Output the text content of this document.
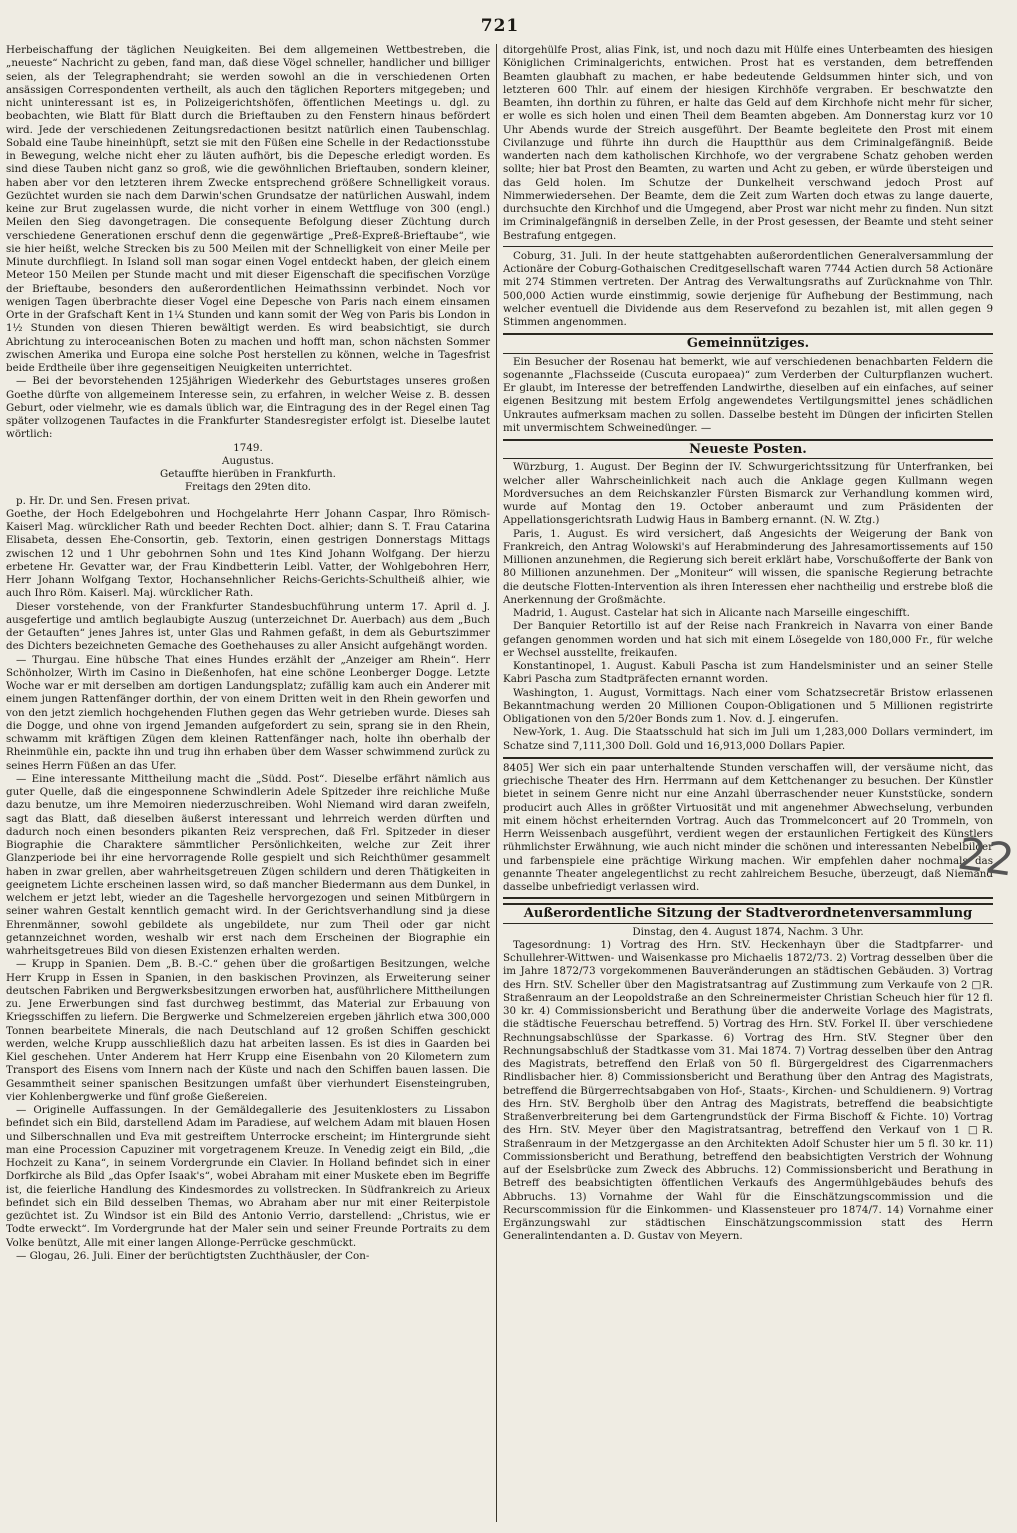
721

Herbeischaffung der täglichen Neuigkeiten. Bei dem allgemeinen Wettbestreben, die „neueste“ Nachricht zu geben, fand man, daß diese Vögel schneller, handlicher und billiger seien, als der Telegraphendraht; sie werden sowohl an die in verschiedenen Orten ansässigen Correspondenten vertheilt, als auch den täglichen Reporters mitgegeben; und nicht uninteressant ist es, in Polizeigerichtshöfen, öffentlichen Meetings u. dgl. zu beobachten, wie Blatt für Blatt durch die Brieftauben zu den Fenstern hinaus befördert wird. Jede der verschiedenen Zeitungsredactionen besitzt natürlich einen Taubenschlag. Sobald eine Taube hineinhüpft, setzt sie mit den Füßen eine Schelle in der Redactionsstube in Bewegung, welche nicht eher zu läuten aufhört, bis die Depesche erledigt worden. Es sind diese Tauben nicht ganz so groß, wie die gewöhnlichen Brieftauben, sondern kleiner, haben aber vor den letzteren ihrem Zwecke entsprechend größere Schnelligkeit voraus. Gezüchtet wurden sie nach dem Darwin'schen Grundsatze der natürlichen Auswahl, indem keine zur Brut zugelassen wurde, die nicht vorher in einem Wettfluge von 300 (engl.) Meilen den Sieg davongetragen. Die consequente Befolgung dieser Züchtung durch verschiedene Generationen erschuf denn die gegenwärtige „Preß-Expreß-Brieftaube“, wie sie hier heißt, welche Strecken bis zu 500 Meilen mit der Schnelligkeit von einer Meile per Minute durchfliegt. In Island soll man sogar einen Vogel entdeckt haben, der gleich einem Meteor 150 Meilen per Stunde macht und mit dieser Eigenschaft die specifischen Vorzüge der Brieftaube, besonders den außerordentlichen Heimathssinn verbindet. Noch vor wenigen Tagen überbrachte dieser Vogel eine Depesche von Paris nach einem einsamen Orte in der Grafschaft Kent in 1¼ Stunden und kann somit der Weg von Paris bis London in 1½ Stunden von diesen Thieren bewältigt werden. Es wird beabsichtigt, sie durch Abrichtung zu interoceanischen Boten zu machen und hofft man, schon nächsten Sommer zwischen Amerika und Europa eine solche Post herstellen zu können, welche in Tagesfrist beide Erdtheile über ihre gegenseitigen Neuigkeiten unterrichtet.

— Bei der bevorstehenden 125jährigen Wiederkehr des Geburtstages unseres großen Goethe dürfte von allgemeinem Interesse sein, zu erfahren, in welcher Weise z. B. dessen Geburt, oder vielmehr, wie es damals üblich war, die Eintragung des in der Regel einen Tag später vollzogenen Taufactes in die Frankfurter Standesregister erfolgt ist. Dieselbe lautet wörtlich:

1749.

Augustus.

Getauffte hierüben in Frankfurth.

Freitags den 29ten dito.

p. Hr. Dr. und Sen. Fresen privat.

Goethe, der Hoch Edelgebohren und Hochgelahrte Herr Johann Caspar, Ihro Römisch-Kaiserl Mag. würcklicher Rath und beeder Rechten Doct. alhier; dann S. T. Frau Catarina Elisabeta, dessen Ehe-Consortin, geb. Textorin, einen gestrigen Donnerstags Mittags zwischen 12 und 1 Uhr gebohrnen Sohn und 1tes Kind Johann Wolfgang. Der hierzu erbetene Hr. Gevatter war, der Frau Kindbetterin Leibl. Vatter, der Wohlgebohren Herr, Herr Johann Wolfgang Textor, Hochansehnlicher Reichs-Gerichts-Schultheiß alhier, wie auch Ihro Röm. Kaiserl. Maj. würcklicher Rath.

Dieser vorstehende, von der Frankfurter Standesbuchführung unterm 17. April d. J. ausgefertige und amtlich beglaubigte Auszug (unterzeichnet Dr. Auerbach) aus dem „Buch der Getauften“ jenes Jahres ist, unter Glas und Rahmen gefaßt, in dem als Geburtszimmer des Dichters bezeichneten Gemache des Goethehauses zu aller Ansicht aufgehängt worden.

— Thurgau. Eine hübsche That eines Hundes erzählt der „Anzeiger am Rhein“. Herr Schönholzer, Wirth im Casino in Dießenhofen, hat eine schöne Leonberger Dogge. Letzte Woche war er mit derselben am dortigen Landungsplatz; zufällig kam auch ein Anderer mit einem jungen Rattenfänger dorthin, der von einem Dritten weit in den Rhein geworfen und von den jetzt ziemlich hochgehenden Fluthen gegen das Wehr getrieben wurde. Dieses sah die Dogge, und ohne von irgend Jemanden aufgefordert zu sein, sprang sie in den Rhein, schwamm mit kräftigen Zügen dem kleinen Rattenfänger nach, holte ihn oberhalb der Rheinmühle ein, packte ihn und trug ihn erhaben über dem Wasser schwimmend zurück zu seines Herrn Füßen an das Ufer.

— Eine interessante Mittheilung macht die „Südd. Post“. Dieselbe erfährt nämlich aus guter Quelle, daß die eingesponnene Schwindlerin Adele Spitzeder ihre reichliche Muße dazu benutze, um ihre Memoiren niederzuschreiben. Wohl Niemand wird daran zweifeln, sagt das Blatt, daß dieselben äußerst interessant und lehrreich werden dürften und dadurch noch einen besonders pikanten Reiz versprechen, daß Frl. Spitzeder in dieser Biographie die Charaktere sämmtlicher Persönlichkeiten, welche zur Zeit ihrer Glanzperiode bei ihr eine hervorragende Rolle gespielt und sich Reichthümer gesammelt haben in zwar grellen, aber wahrheitsgetreuen Zügen schildern und deren Thätigkeiten in geeignetem Lichte erscheinen lassen wird, so daß mancher Biedermann aus dem Dunkel, in welchem er jetzt lebt, wieder an die Tageshelle hervorgezogen und seinen Mitbürgern in seiner wahren Gestalt kenntlich gemacht wird. In der Gerichtsverhandlung sind ja diese Ehrenmänner, sowohl gebildete als ungebildete, nur zum Theil oder gar nicht getannzeichnet worden, weshalb wir erst nach dem Erscheinen der Biographie ein wahrheitsgetreues Bild von diesen Existenzen erhalten werden.

— Krupp in Spanien. Dem „B. B.-C.“ gehen über die großartigen Besitzungen, welche Herr Krupp in Essen in Spanien, in den baskischen Provinzen, als Erweiterung seiner deutschen Fabriken und Bergwerksbesitzungen erworben hat, ausführlichere Mittheilungen zu. Jene Erwerbungen sind fast durchweg bestimmt, das Material zur Erbauung von Kriegsschiffen zu liefern. Die Bergwerke und Schmelzereien ergeben jährlich etwa 300,000 Tonnen bearbeitete Minerals, die nach Deutschland auf 12 großen Schiffen geschickt werden, welche Krupp ausschließlich dazu hat arbeiten lassen. Es ist dies in Gaarden bei Kiel geschehen. Unter Anderem hat Herr Krupp eine Eisenbahn von 20 Kilometern zum Transport des Eisens vom Innern nach der Küste und nach den Schiffen bauen lassen. Die Gesammtheit seiner spanischen Besitzungen umfaßt über vierhundert Eisensteingruben, vier Kohlenbergwerke und fünf große Gießereien.

— Originelle Auffassungen. In der Gemäldegallerie des Jesuitenklosters zu Lissabon befindet sich ein Bild, darstellend Adam im Paradiese, auf welchem Adam mit blauen Hosen und Silberschnallen und Eva mit gestreiftem Unterrocke erscheint; im Hintergrunde sieht man eine Procession Capuziner mit vorgetragenem Kreuze. In Venedig zeigt ein Bild, „die Hochzeit zu Kana“, in seinem Vordergrunde ein Clavier. In Holland befindet sich in einer Dorfkirche als Bild „das Opfer Isaak's“, wobei Abraham mit einer Muskete eben im Begriffe ist, die feierliche Handlung des Kindesmordes zu vollstrecken. In Südfrankreich zu Arieux befindet sich ein Bild desselben Themas, wo Abraham aber nur mit einer Reiterpistole gezüchtet ist. Zu Windsor ist ein Bild des Antonio Verrio, darstellend: „Christus, wie er Todte erweckt“. Im Vordergrunde hat der Maler sein und seiner Freunde Portraits zu dem Volke benützt, Alle mit einer langen Allonge-Perrücke geschmückt.

— Glogau, 26. Juli. Einer der berüchtigtsten Zuchthäusler, der Con-

ditorgehülfe Prost, alias Fink, ist, und noch dazu mit Hülfe eines Unterbeamten des hiesigen Königlichen Criminalgerichts, entwichen. Prost hat es verstanden, dem betreffenden Beamten glaubhaft zu machen, er habe bedeutende Geldsummen hinter sich, und von letzteren 600 Thlr. auf einem der hiesigen Kirchhöfe vergraben. Er beschwatzte den Beamten, ihn dorthin zu führen, er halte das Geld auf dem Kirchhofe nicht mehr für sicher, er wolle es sich holen und einen Theil dem Beamten abgeben. Am Donnerstag kurz vor 10 Uhr Abends wurde der Streich ausgeführt. Der Beamte begleitete den Prost mit einem Civilanzuge und führte ihn durch die Hauptthür aus dem Criminalgefängniß. Beide wanderten nach dem katholischen Kirchhofe, wo der vergrabene Schatz gehoben werden sollte; hier bat Prost den Beamten, zu warten und Acht zu geben, er würde übersteigen und das Geld holen. Im Schutze der Dunkelheit verschwand jedoch Prost auf Nimmerwiedersehen. Der Beamte, dem die Zeit zum Warten doch etwas zu lange dauerte, durchsuchte den Kirchhof und die Umgegend, aber Prost war nicht mehr zu finden. Nun sitzt im Criminalgefängniß in derselben Zelle, in der Prost gesessen, der Beamte und steht seiner Bestrafung entgegen.

Coburg, 31. Juli. In der heute stattgehabten außerordentlichen Generalversammlung der Actionäre der Coburg-Gothaischen Creditgesellschaft waren 7744 Actien durch 58 Actionäre mit 274 Stimmen vertreten. Der Antrag des Verwaltungsraths auf Zurücknahme von Thlr. 500,000 Actien wurde einstimmig, sowie derjenige für Aufhebung der Bestimmung, nach welcher eventuell die Dividende aus dem Reservefond zu bezahlen ist, mit allen gegen 9 Stimmen angenommen.

Gemeinnütziges.

Ein Besucher der Rosenau hat bemerkt, wie auf verschiedenen benachbarten Feldern die sogenannte „Flachsseide (Cuscuta europaea)“ zum Verderben der Culturpflanzen wuchert. Er glaubt, im Interesse der betreffenden Landwirthe, dieselben auf ein einfaches, auf seiner eigenen Besitzung mit bestem Erfolg angewendetes Vertilgungsmittel jenes schädlichen Unkrautes aufmerksam machen zu sollen. Dasselbe besteht im Düngen der inficirten Stellen mit unvermischtem Schweinedünger. —

Neueste Posten.

Würzburg, 1. August. Der Beginn der IV. Schwurgerichtssitzung für Unterfranken, bei welcher aller Wahrscheinlichkeit nach auch die Anklage gegen Kullmann wegen Mordversuches an dem Reichskanzler Fürsten Bismarck zur Verhandlung kommen wird, wurde auf Montag den 19. October anberaumt und zum Präsidenten der Appellationsgerichtsrath Ludwig Haus in Bamberg ernannt. (N. W. Ztg.)

Paris, 1. August. Es wird versichert, daß Angesichts der Weigerung der Bank von Frankreich, den Antrag Wolowski's auf Herabminderung des Jahresamortissements auf 150 Millionen anzunehmen, die Regierung sich bereit erklärt habe, Vorschußofferte der Bank von 80 Millionen anzunehmen. Der „Moniteur“ will wissen, die spanische Regierung betrachte die deutsche Flotten-Intervention als ihren Interessen eher nachtheilig und erstrebe bloß die Anerkennung der Großmächte.

Madrid, 1. August. Castelar hat sich in Alicante nach Marseille eingeschifft.

Der Banquier Retortillo ist auf der Reise nach Frankreich in Navarra von einer Bande gefangen genommen worden und hat sich mit einem Lösegelde von 180,000 Fr., für welche er Wechsel ausstellte, freikaufen.

Konstantinopel, 1. August. Kabuli Pascha ist zum Handelsminister und an seiner Stelle Kabri Pascha zum Stadtpräfecten ernannt worden.

Washington, 1. August, Vormittags. Nach einer vom Schatzsecretär Bristow erlassenen Bekanntmachung werden 20 Millionen Coupon-Obligationen und 5 Millionen registrirte Obligationen von den 5/20er Bonds zum 1. Nov. d. J. eingerufen.

New-York, 1. Aug. Die Staatsschuld hat sich im Juli um 1,283,000 Dollars vermindert, im Schatze sind 7,111,300 Doll. Gold und 16,913,000 Dollars Papier.

8405] Wer sich ein paar unterhaltende Stunden verschaffen will, der versäume nicht, das griechische Theater des Hrn. Herrmann auf dem Kettchenanger zu besuchen. Der Künstler bietet in seinem Genre nicht nur eine Anzahl überraschender neuer Kunststücke, sondern producirt auch Alles in größter Virtuosität und mit angenehmer Abwechselung, verbunden mit einem höchst erheiternden Vortrag. Auch das Trommelconcert auf 20 Trommeln, von Herrn Weissenbach ausgeführt, verdient wegen der erstaunlichen Fertigkeit des Künstlers rühmlichster Erwähnung, wie auch nicht minder die schönen und interessanten Nebelbilder und farbenspiele eine prächtige Wirkung machen. Wir empfehlen daher nochmals das genannte Theater angelegentlichst zu recht zahlreichem Besuche, überzeugt, daß Niemand dasselbe unbefriedigt verlassen wird.

Außerordentliche Sitzung der Stadtverordnetenversammlung

Dinstag, den 4. August 1874, Nachm. 3 Uhr.

Tagesordnung: 1) Vortrag des Hrn. StV. Heckenhayn über die Stadtpfarrer- und Schullehrer-Wittwen- und Waisenkasse pro Michaelis 1872/73. 2) Vortrag desselben über die im Jahre 1872/73 vorgekommenen Bauveränderungen an städtischen Gebäuden. 3) Vortrag des Hrn. StV. Scheller über den Magistratsantrag auf Zustimmung zum Verkaufe von 2 □R. Straßenraum an der Leopoldstraße an den Schreinermeister Christian Scheuch hier für 12 fl. 30 kr. 4) Commissionsbericht und Berathung über die anderweite Vorlage des Magistrats, die städtische Feuerschau betreffend. 5) Vortrag des Hrn. StV. Forkel II. über verschiedene Rechnungsabschlüsse der Sparkasse. 6) Vortrag des Hrn. StV. Stegner über den Rechnungsabschluß der Stadtkasse vom 31. Mai 1874. 7) Vortrag desselben über den Antrag des Magistrats, betreffend den Erlaß von 50 fl. Bürgergeldrest des Cigarrenmachers Rindlisbacher hier. 8) Commissionsbericht und Berathung über den Antrag des Magistrats, betreffend die Bürgerrechtsabgaben von Hof-, Staats-, Kirchen- und Schuldienern. 9) Vortrag des Hrn. StV. Bergholb über den Antrag des Magistrats, betreffend die beabsichtigte Straßenverbreiterung bei dem Gartengrundstück der Firma Bischoff & Fichte. 10) Vortrag des Hrn. StV. Meyer über den Magistratsantrag, betreffend den Verkauf von 1 □R. Straßenraum in der Metzgergasse an den Architekten Adolf Schuster hier um 5 fl. 30 kr. 11) Commissionsbericht und Berathung, betreffend den beabsichtigten Verstrich der Wohnung auf der Eselsbrücke zum Zweck des Abbruchs. 12) Commissionsbericht und Berathung in Betreff des beabsichtigten öffentlichen Verkaufs des Angermühlgebäudes behufs des Abbruchs. 13) Vornahme der Wahl für die Einschätzungscommission und die Recurscommission für die Einkommen- und Klassensteuer pro 1874/7. 14) Vornahme einer Ergänzungswahl zur städtischen Einschätzungscommission statt des Herrn Generalintendanten a. D. Gustav von Meyern.

22
